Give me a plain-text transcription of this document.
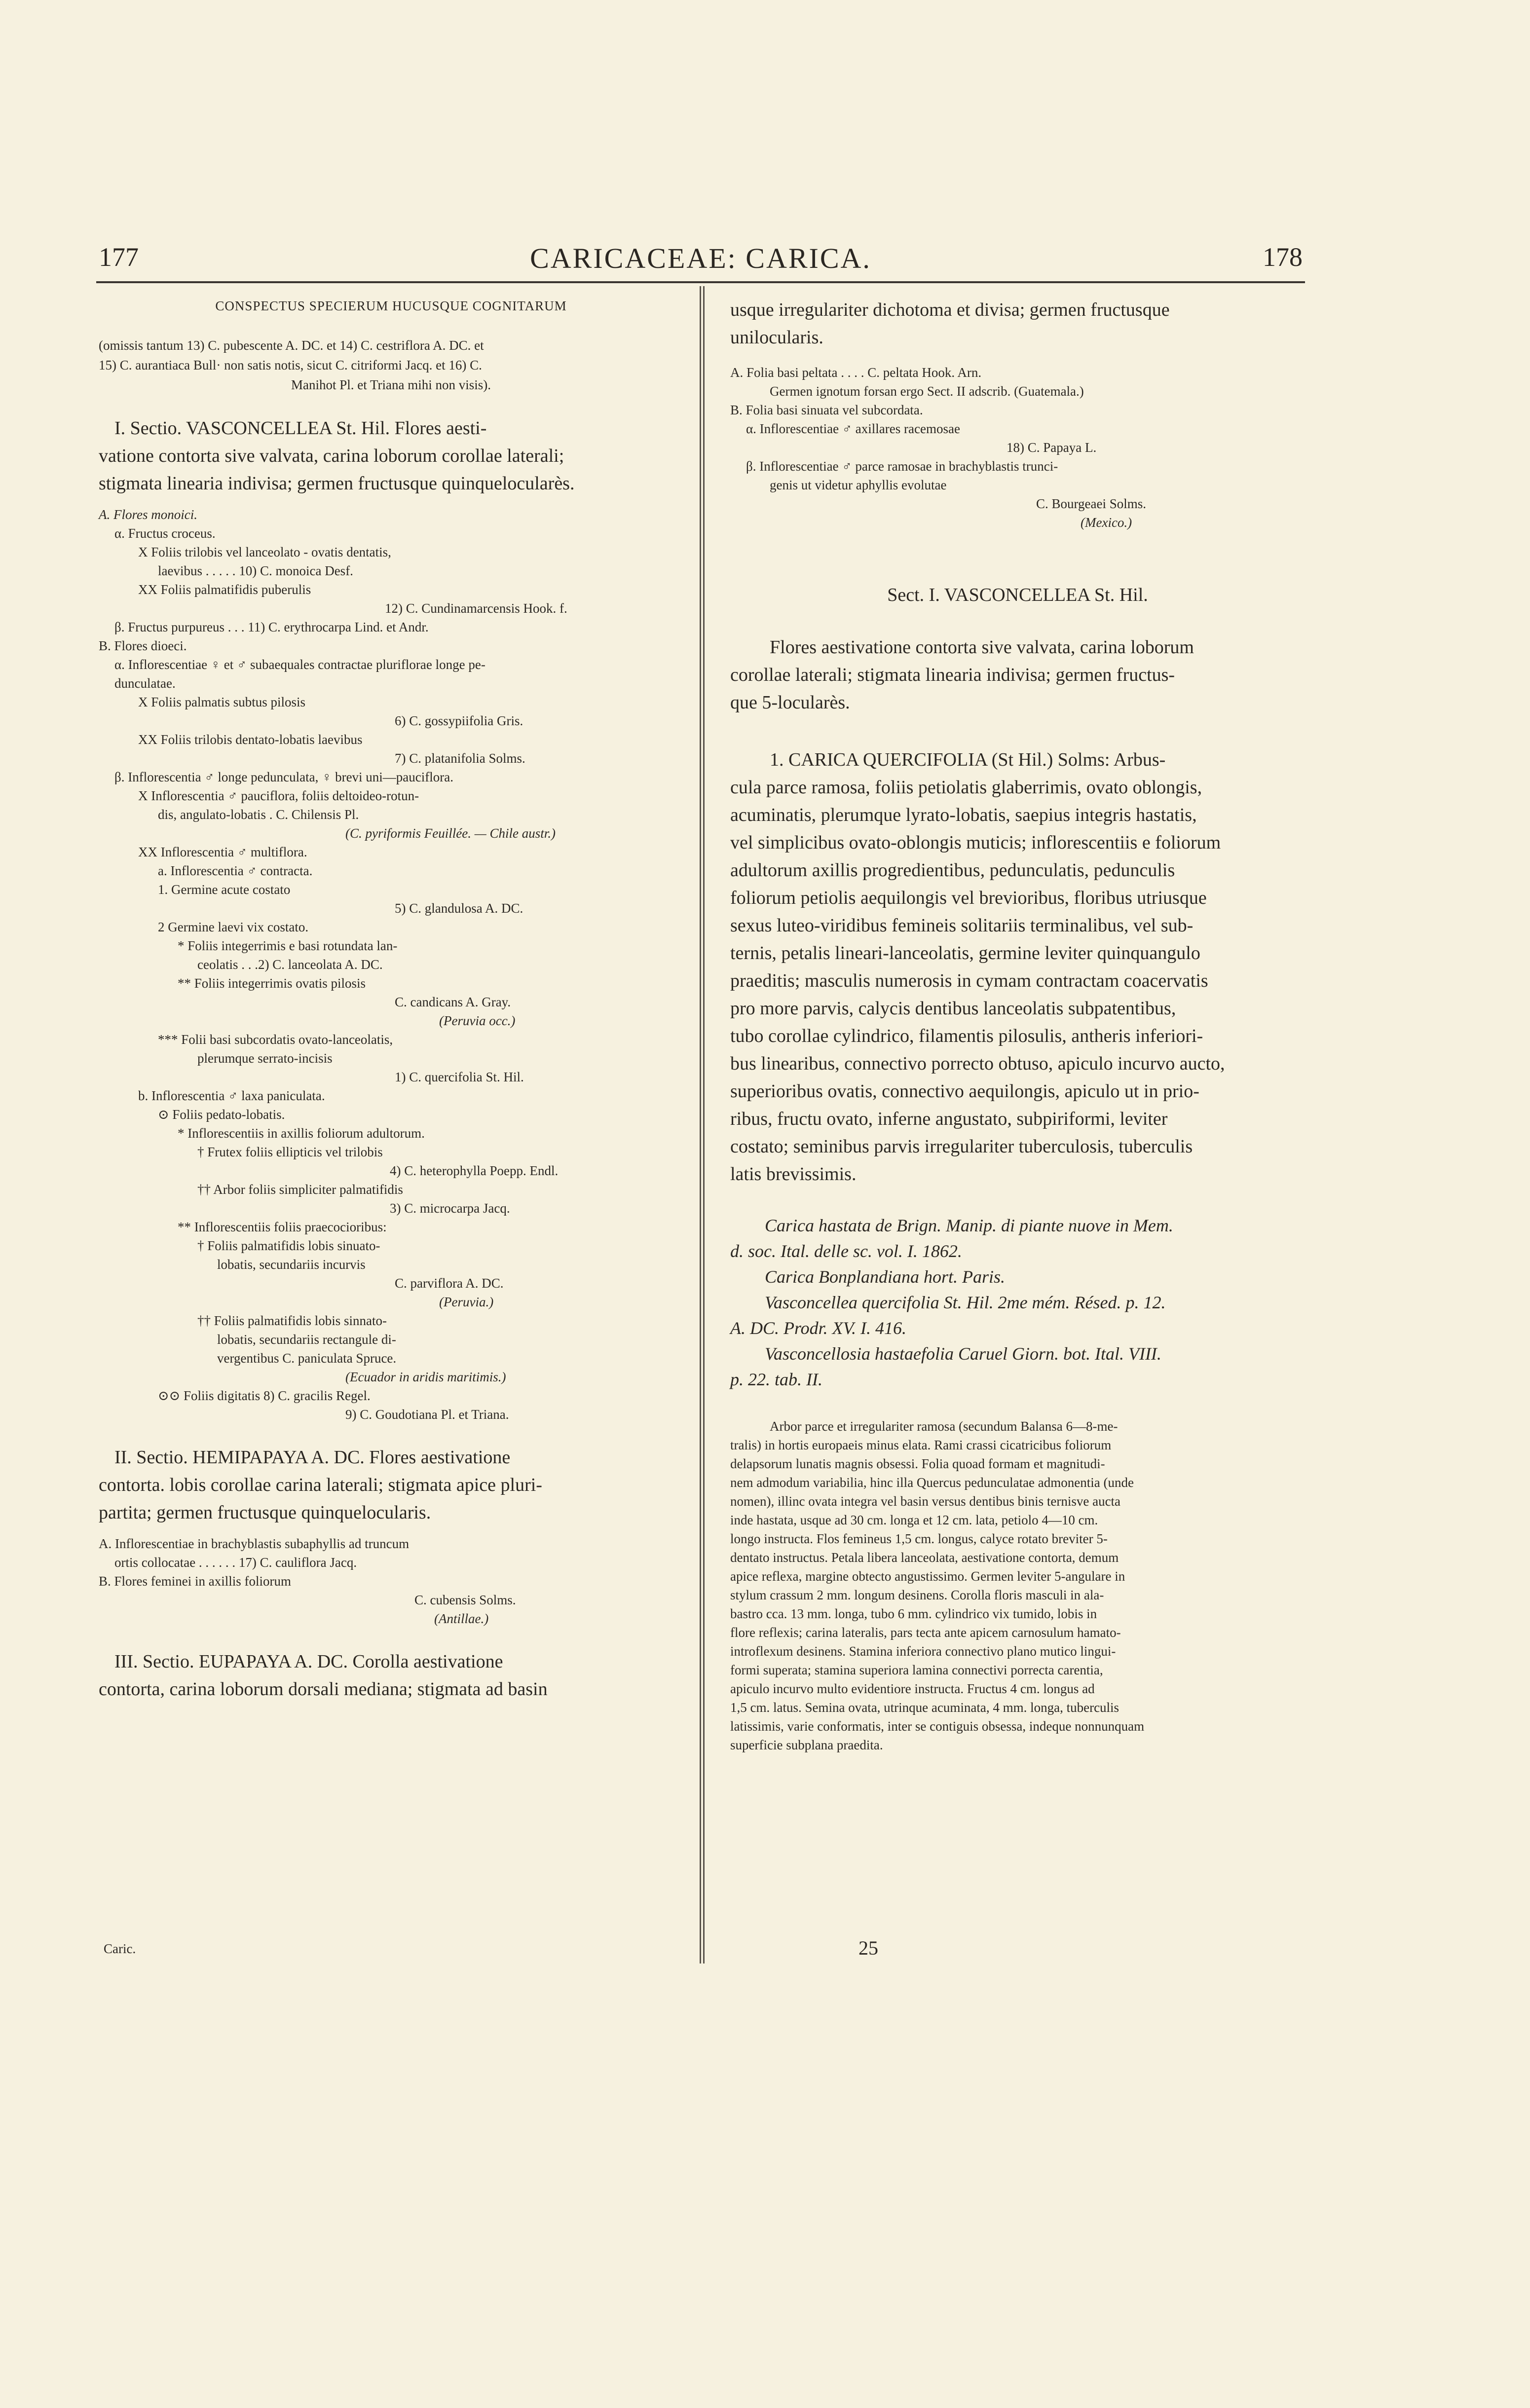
177	CARICACEAE: CARICA.	178

CONSPECTUS SPECIERUM HUCUSQUE COGNITARUM

(omissis tantum 13) C. pubescente A. DC. et 14) C. cestriflora A. DC. et

15) C. aurantiaca Bull· non satis notis, sicut C. citriformi Jacq. et 16) C.

Manihot Pl. et Triana mihi non visis).

I. Sectio. VASCONCELLEA St. Hil. Flores aesti-

vatione contorta sive valvata, carina loborum corollae laterali;

stigmata linearia indivisa; germen fructusque quinquelocularès.

A. Flores monoici.

α. Fructus croceus.

X Foliis trilobis vel lanceolato - ovatis dentatis,

laevibus . . . . . 10) C. monoica Desf.

XX Foliis palmatifidis puberulis

12) C. Cundinamarcensis Hook. f.

β. Fructus purpureus . . . 11) C. erythrocarpa Lind. et Andr.

B. Flores dioeci.

α. Inflorescentiae ♀ et ♂ subaequales contractae pluriflorae longe pe-

dunculatae.

X Foliis palmatis subtus pilosis

6) C. gossypiifolia Gris.

XX Foliis trilobis dentato-lobatis laevibus

7) C. platanifolia Solms.

β. Inflorescentia ♂ longe pedunculata, ♀ brevi uni—pauciflora.

X Inflorescentia ♂ pauciflora, foliis deltoideo-rotun-

dis, angulato-lobatis . C. Chilensis Pl.

(C. pyriformis Feuillée. — Chile austr.)

XX Inflorescentia ♂ multiflora.

a. Inflorescentia ♂ contracta.

1. Germine acute costato

5) C. glandulosa A. DC.

2 Germine laevi vix costato.

* Foliis integerrimis e basi rotundata lan-

ceolatis . . .2) C. lanceolata A. DC.

** Foliis integerrimis ovatis pilosis

C. candicans A. Gray.

(Peruvia occ.)

*** Folii basi subcordatis ovato-lanceolatis,

plerumque serrato-incisis

1) C. quercifolia St. Hil.

b. Inflorescentia ♂ laxa paniculata.

⊙ Foliis pedato-lobatis.

* Inflorescentiis in axillis foliorum adultorum.

† Frutex foliis ellipticis vel trilobis

4) C. heterophylla Poepp. Endl.

†† Arbor foliis simpliciter palmatifidis

3) C. microcarpa Jacq.

** Inflorescentiis foliis praecocioribus:

† Foliis palmatifidis lobis sinuato-

lobatis, secundariis incurvis

C. parviflora A. DC.

(Peruvia.)

†† Foliis palmatifidis lobis sinnato-

lobatis, secundariis rectangule di-

vergentibus C. paniculata Spruce.

(Ecuador in aridis maritimis.)

⊙⊙ Foliis digitatis 8) C. gracilis Regel.

9) C. Goudotiana Pl. et Triana.

II. Sectio. HEMIPAPAYA A. DC. Flores aestivatione

contorta. lobis corollae carina laterali; stigmata apice pluri-

partita; germen fructusque quinquelocularis.

A. Inflorescentiae in brachyblastis subaphyllis ad truncum

ortis collocatae . . . . . . 17) C. cauliflora Jacq.

B. Flores feminei in axillis foliorum

C. cubensis Solms.

(Antillae.)

III. Sectio. EUPAPAYA A. DC. Corolla aestivatione

contorta, carina loborum dorsali mediana; stigmata ad basin

usque irregulariter dichotoma et divisa; germen fructusque

unilocularis.

A. Folia basi peltata . . . . C. peltata Hook. Arn.

Germen ignotum forsan ergo Sect. II adscrib. (Guatemala.)

B. Folia basi sinuata vel subcordata.

α. Inflorescentiae ♂ axillares racemosae

18) C. Papaya L.

β. Inflorescentiae ♂ parce ramosae in brachyblastis trunci-

genis ut videtur aphyllis evolutae

C. Bourgeaei Solms.

(Mexico.)

Sect. I. VASCONCELLEA St. Hil.

Flores aestivatione contorta sive valvata, carina loborum

corollae laterali; stigmata linearia indivisa; germen fructus-

que 5-locularès.

1. CARICA QUERCIFOLIA (St Hil.) Solms: Arbus-

cula parce ramosa, foliis petiolatis glaberrimis, ovato oblongis,

acuminatis, plerumque lyrato-lobatis, saepius integris hastatis,

vel simplicibus ovato-oblongis muticis; inflorescentiis e foliorum

adultorum axillis progredientibus, pedunculatis, pedunculis

foliorum petiolis aequilongis vel brevioribus, floribus utriusque

sexus luteo-viridibus femineis solitariis terminalibus, vel sub-

ternis, petalis lineari-lanceolatis, germine leviter quinquangulo

praeditis; masculis numerosis in cymam contractam coacervatis

pro more parvis, calycis dentibus lanceolatis subpatentibus,

tubo corollae cylindrico, filamentis pilosulis, antheris inferiori-

bus linearibus, connectivo porrecto obtuso, apiculo incurvo aucto,

superioribus ovatis, connectivo aequilongis, apiculo ut in prio-

ribus, fructu ovato, inferne angustato, subpiriformi, leviter

costato; seminibus parvis irregulariter tuberculosis, tuberculis

latis brevissimis.

Carica hastata de Brign. Manip. di piante nuove in Mem.

d. soc. Ital. delle sc. vol. I. 1862.

Carica Bonplandiana hort. Paris.

Vasconcellea quercifolia St. Hil. 2me mém. Résed. p. 12.

A. DC. Prodr. XV. I. 416.

Vasconcellosia hastaefolia Caruel Giorn. bot. Ital. VIII.

p. 22. tab. II.

Arbor parce et irregulariter ramosa (secundum Balansa 6—8-me-

tralis) in hortis europaeis minus elata. Rami crassi cicatricibus foliorum

delapsorum lunatis magnis obsessi. Folia quoad formam et magnitudi-

nem admodum variabilia, hinc illa Quercus pedunculatae admonentia (unde

nomen), illinc ovata integra vel basin versus dentibus binis ternisve aucta

inde hastata, usque ad 30 cm. longa et 12 cm. lata, petiolo 4—10 cm.

longo instructa. Flos femineus 1,5 cm. longus, calyce rotato breviter 5-

dentato instructus. Petala libera lanceolata, aestivatione contorta, demum

apice reflexa, margine obtecto angustissimo. Germen leviter 5-angulare in

stylum crassum 2 mm. longum desinens. Corolla floris masculi in ala-

bastro cca. 13 mm. longa, tubo 6 mm. cylindrico vix tumido, lobis in

flore reflexis; carina lateralis, pars tecta ante apicem carnosulum hamato-

introflexum desinens. Stamina inferiora connectivo plano mutico lingui-

formi superata; stamina superiora lamina connectivi porrecta carentia,

apiculo incurvo multo evidentiore instructa. Fructus 4 cm. longus ad

1,5 cm. latus. Semina ovata, utrinque acuminata, 4 mm. longa, tuberculis

latissimis, varie conformatis, inter se contiguis obsessa, indeque nonnunquam

superficie subplana praedita.

Caric.	25
